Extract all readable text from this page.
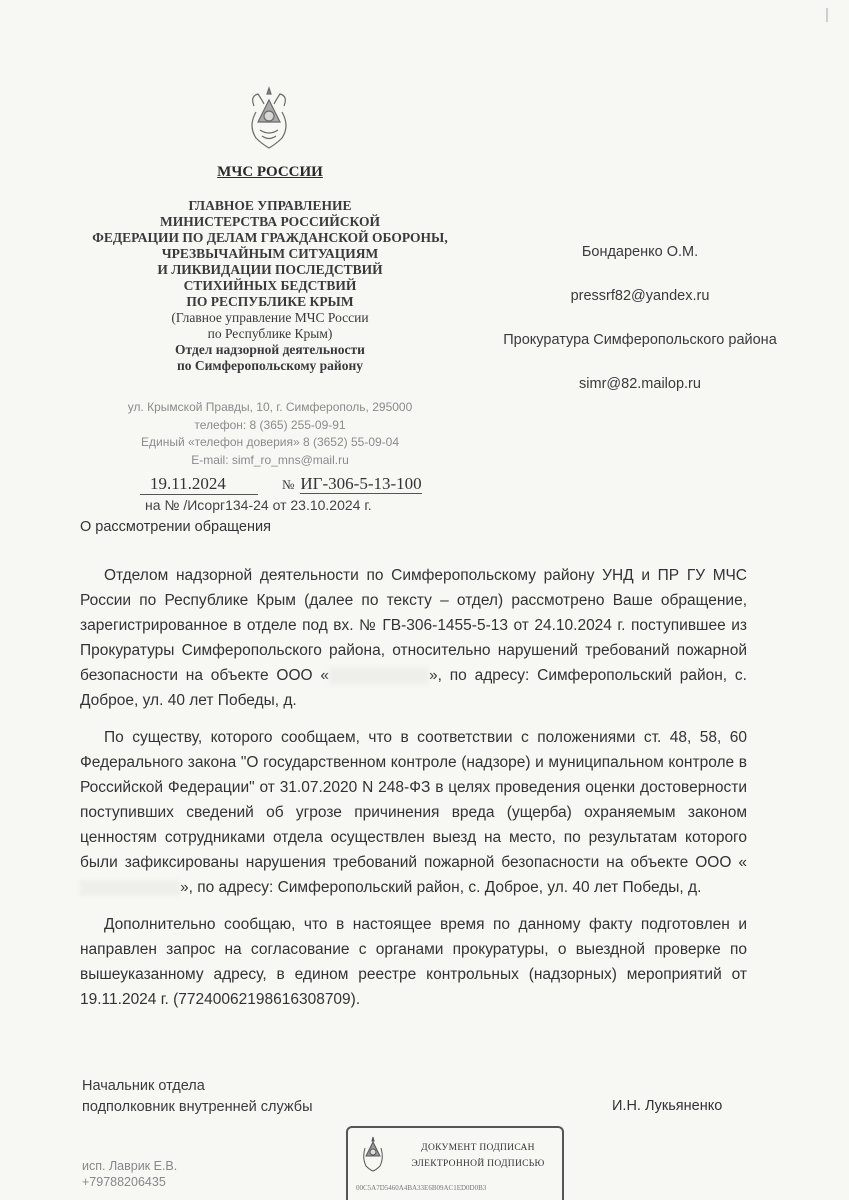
МЧС РОССИИ
ГЛАВНОЕ УПРАВЛЕНИЕ
МИНИСТЕРСТВА РОССИЙСКОЙ
ФЕДЕРАЦИИ ПО ДЕЛАМ ГРАЖДАНСКОЙ ОБОРОНЫ,
ЧРЕЗВЫЧАЙНЫМ СИТУАЦИЯМ
И ЛИКВИДАЦИИ ПОСЛЕДСТВИЙ
СТИХИЙНЫХ БЕДСТВИЙ
ПО РЕСПУБЛИКЕ КРЫМ
(Главное управление МЧС России
по Республике Крым)
Отдел надзорной деятельности
по Симферопольскому району
ул. Крымской Правды, 10, г. Симферополь, 295000
телефон: 8 (365) 255-09-91
Единый «телефон доверия» 8 (3652) 55-09-04
E-mail: simf_ro_mns@mail.ru
19.11.2024	№ ИГ-306-5-13-100
на № /Исорг134-24 от 23.10.2024 г.
О рассмотрении обращения
Бондаренко О.М.
pressrf82@yandex.ru
Прокуратура Симферопольского района
simr@82.mailop.ru

Отделом надзорной деятельности по Симферопольскому району УНД и ПР ГУ МЧС России по Республике Крым (далее по тексту – отдел) рассмотрено Ваше обращение, зарегистрированное в отделе под вх. № ГВ-306-1455-5-13 от 24.10.2024 г. поступившее из Прокуратуры Симферопольского района, относительно нарушений требований пожарной безопасности на объекте ООО «	», по адресу: Симферопольский район, с. Доброе, ул. 40 лет Победы, д.

По существу, которого сообщаем, что в соответствии с положениями ст. 48, 58, 60 Федерального закона "О государственном контроле (надзоре) и муниципальном контроле в Российской Федерации" от 31.07.2020 N 248-ФЗ в целях проведения оценки достоверности поступивших сведений об угрозе причинения вреда (ущерба) охраняемым законом ценностям сотрудниками отдела осуществлен выезд на место, по результатам которого были зафиксированы нарушения требований пожарной безопасности на объекте ООО «», по адресу: Симферопольский район, с. Доброе, ул. 40 лет Победы, д.

Дополнительно сообщаю, что в настоящее время по данному факту подготовлен и направлен запрос на согласование с органами прокуратуры, о выездной проверке по вышеуказанному адресу, в едином реестре контрольных (надзорных) мероприятий от 19.11.2024 г. (77240062198616308709).

Начальник отдела
подполковник внутренней службы	И.Н. Лукьяненко
ДОКУМЕНТ ПОДПИСАН
ЭЛЕКТРОННОЙ ПОДПИСЬЮ
00C5A7D5460A4BA33E6B09AC1ED0D0B3
исп. Лаврик Е.В.
+79788206435
